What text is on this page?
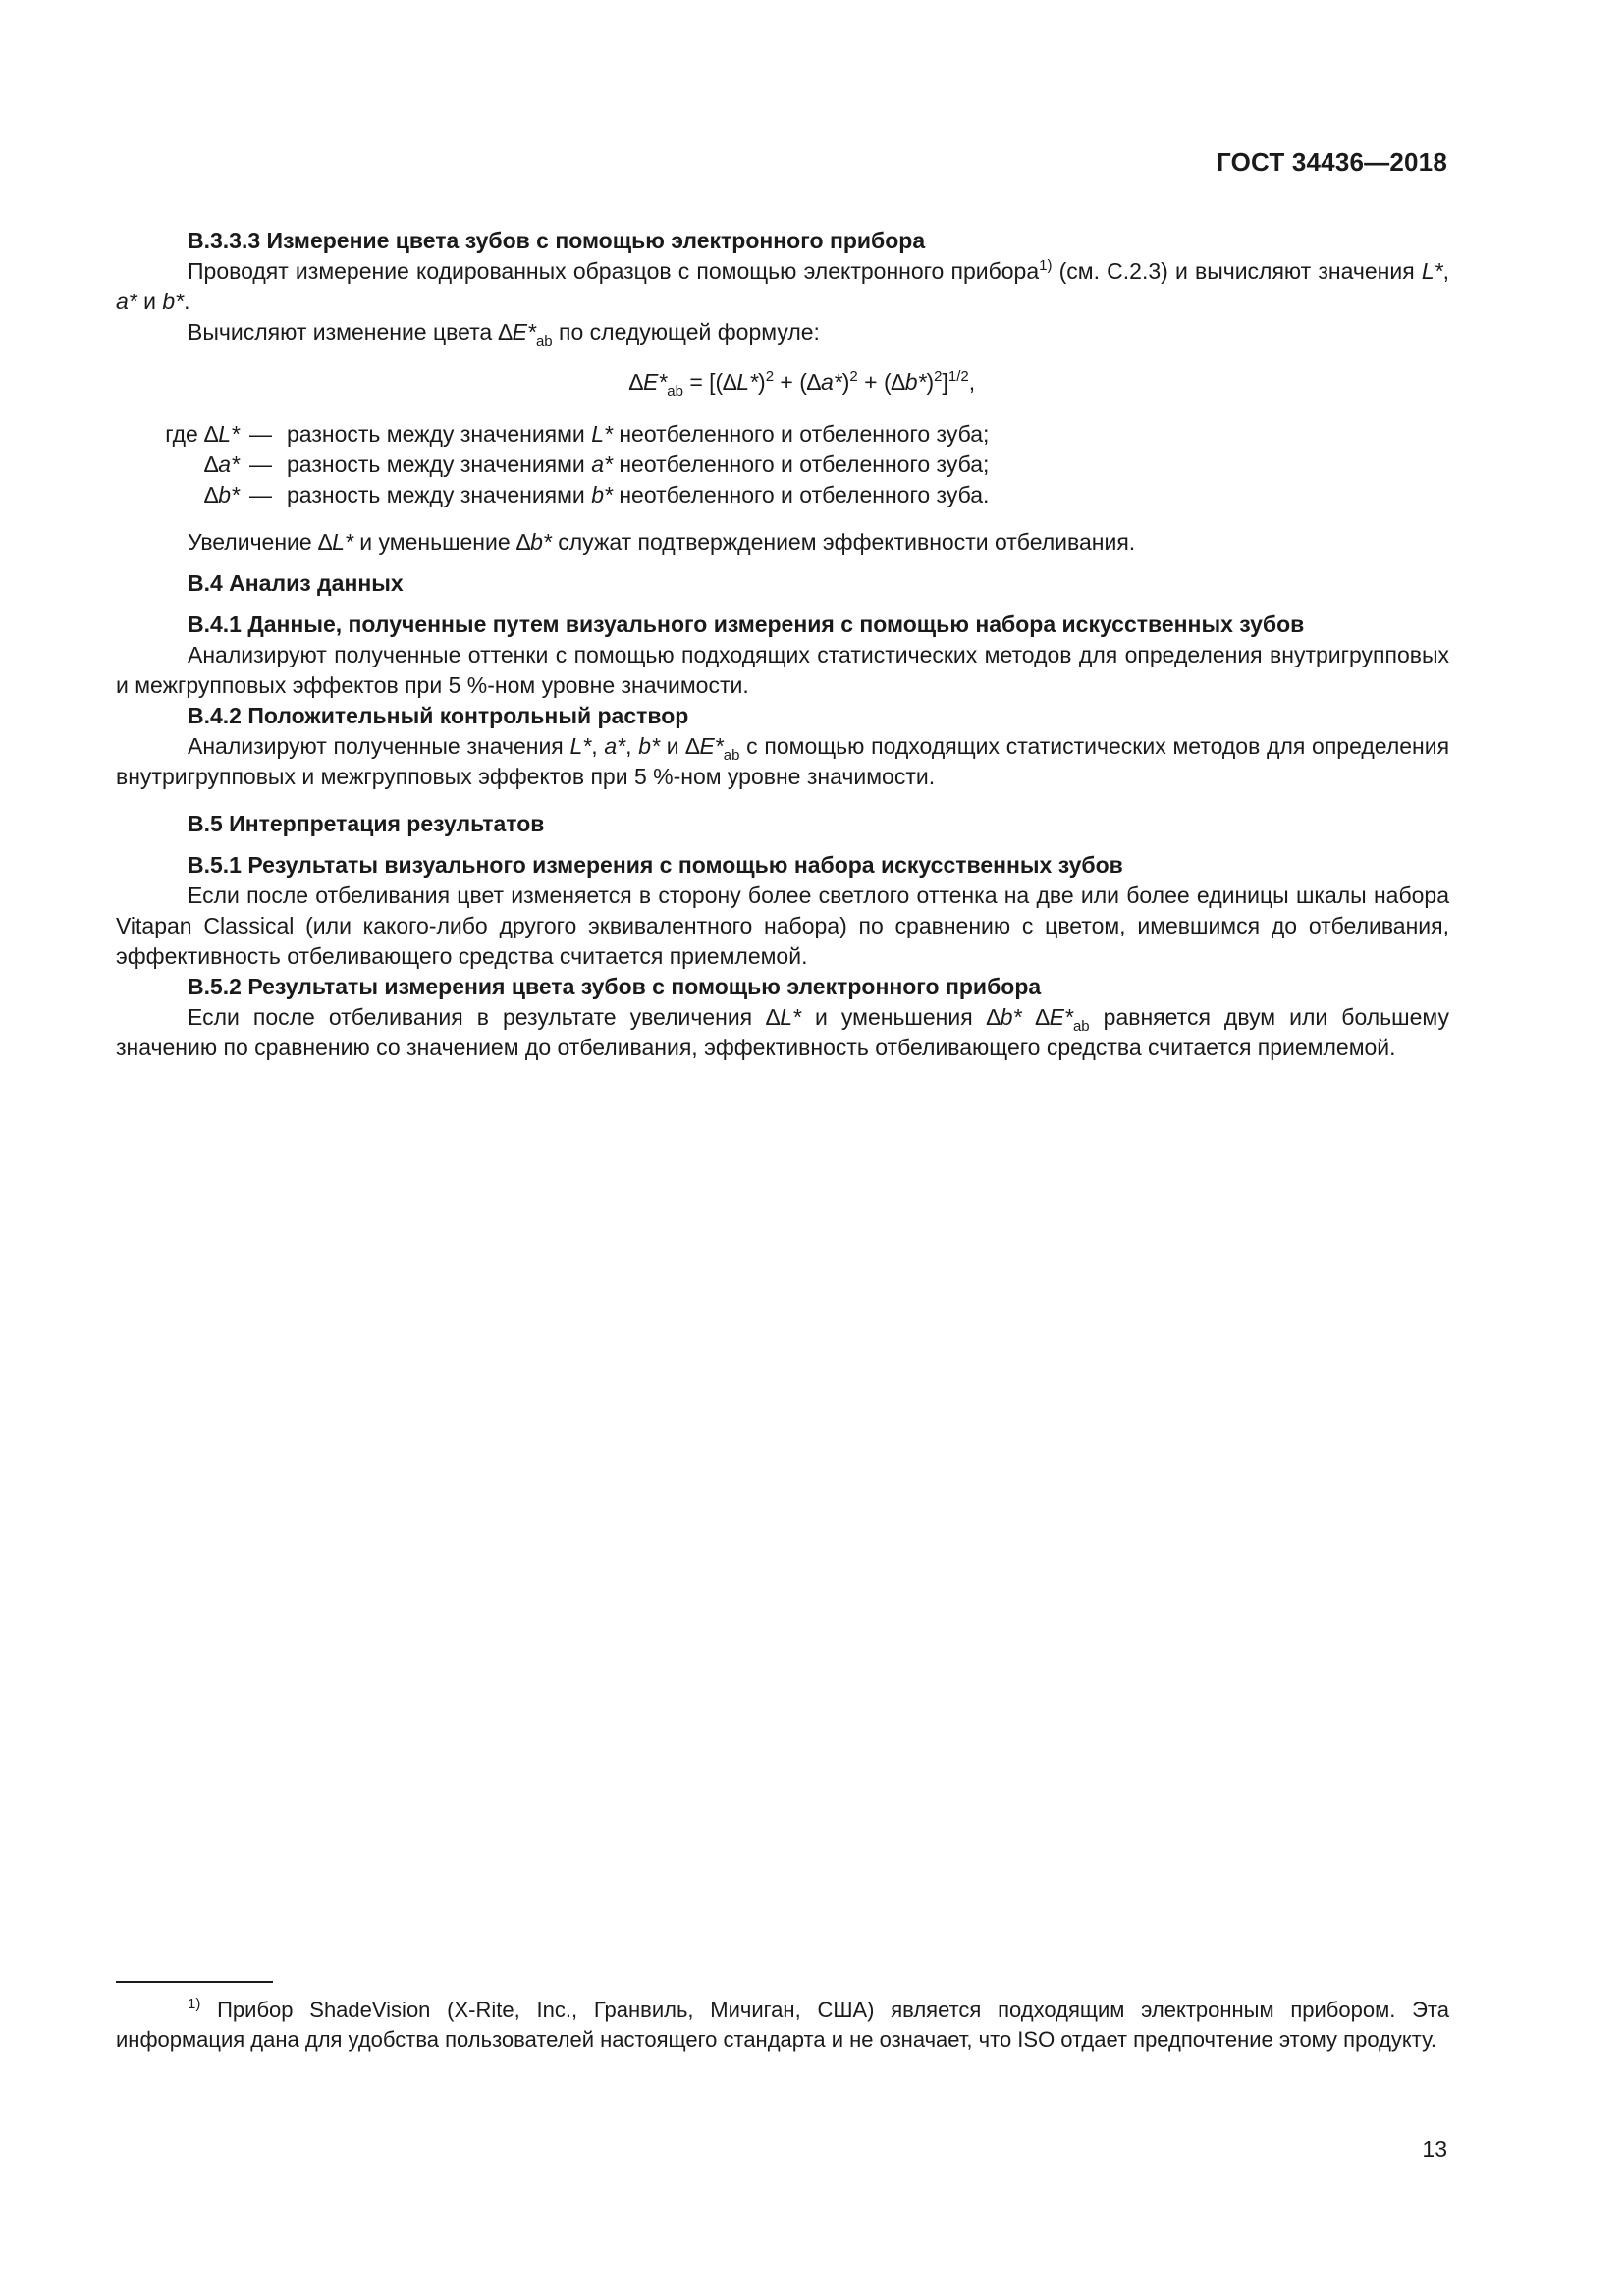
ГОСТ 34436—2018

В.3.3.3 Измерение цвета зубов с помощью электронного прибора

Проводят измерение кодированных образцов с помощью электронного прибора$^{1)}$ (см. С.2.3) и вычисляют значения L*, a* и b*.

Вычисляют изменение цвета $\Delta E*_{ab}$ по следующей формуле:

$\Delta E*_{ab} = [(\Delta L*)^2 + (\Delta a*)^2 + (\Delta b*)^2]^{1/2}$,
где ∆L* — разность между значениями L* неотбеленного и отбеленного зуба;
∆a* — разность между значениями a* неотбеленного и отбеленного зуба;
∆b* — разность между значениями b* неотбеленного и отбеленного зуба.

Увеличение ∆L* и уменьшение ∆b* служат подтверждением эффективности отбеливания.

В.4 Анализ данных

В.4.1 Данные, полученные путем визуального измерения с помощью набора искусственных зубов

Анализируют полученные оттенки с помощью подходящих статистических методов для определения внутригрупповых и межгрупповых эффектов при 5 %-ном уровне значимости.

В.4.2 Положительный контрольный раствор

Анализируют полученные значения L*, a*, b* и $\Delta E*_{ab}$ с помощью подходящих статистических методов для определения внутригрупповых и межгрупповых эффектов при 5 %-ном уровне значимости.

В.5 Интерпретация результатов

В.5.1 Результаты визуального измерения с помощью набора искусственных зубов

Если после отбеливания цвет изменяется в сторону более светлого оттенка на две или более единицы шкалы набора Vitapan Classical (или какого-либо другого эквивалентного набора) по сравнению с цветом, имевшимся до отбеливания, эффективность отбеливающего средства считается приемлемой.

В.5.2 Результаты измерения цвета зубов с помощью электронного прибора

Если после отбеливания в результате увеличения ∆L* и уменьшения ∆b* $\Delta E*_{ab}$ равняется двум или большему значению по сравнению со значением до отбеливания, эффективность отбеливающего средства считается приемлемой.

$^{1)}$ Прибор ShadeVision (X-Rite, Inc., Гранвиль, Мичиган, США) является подходящим электронным прибором. Эта информация дана для удобства пользователей настоящего стандарта и не означает, что ISO отдает предпочтение этому продукту.

13
